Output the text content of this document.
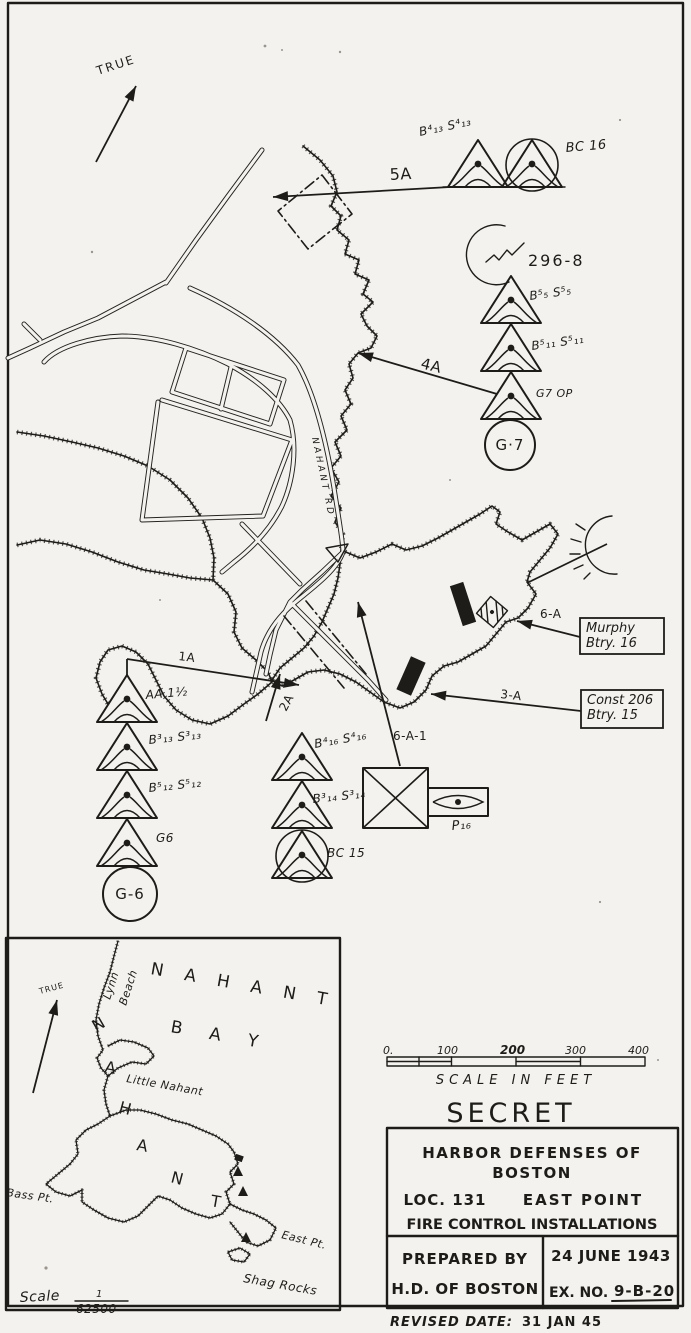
G·7
G-6
TRUE
5A
B⁴₁₃ S⁴₁₃
BC 16
296-8
B⁵₅ S⁵₅
B⁵₁₁ S⁵₁₁
G7 OP
4A
6-A
3-A
6-A-1
1A
2A
AA 1½
B³₁₃ S³₁₃
B⁵₁₂ S⁵₁₂
G6
B⁴₁₆ S⁴₁₆
B³₁₄ S³₁₄
BC 15
P₁₆
NAHANT RD
Murphy
Btry. 16
Const 206
Btry. 15
TRUE	N A H A N T
B A Y
Lynn
Beach
N
A
H
A
N
T
Little Nahant
Bass Pt.
East Pt.
Shag Rocks
Scale	1
62500
0.	100	200	300	400
SCALE IN FEET
SECRET
HARBOR DEFENSES OF
BOSTON
LOC. 131 EAST POINT
FIRE CONTROL INSTALLATIONS
PREPARED BY
H.D. OF BOSTON
24 JUNE 1943
EX. NO. 9-B-20
REVISED DATE: 31 JAN 45
